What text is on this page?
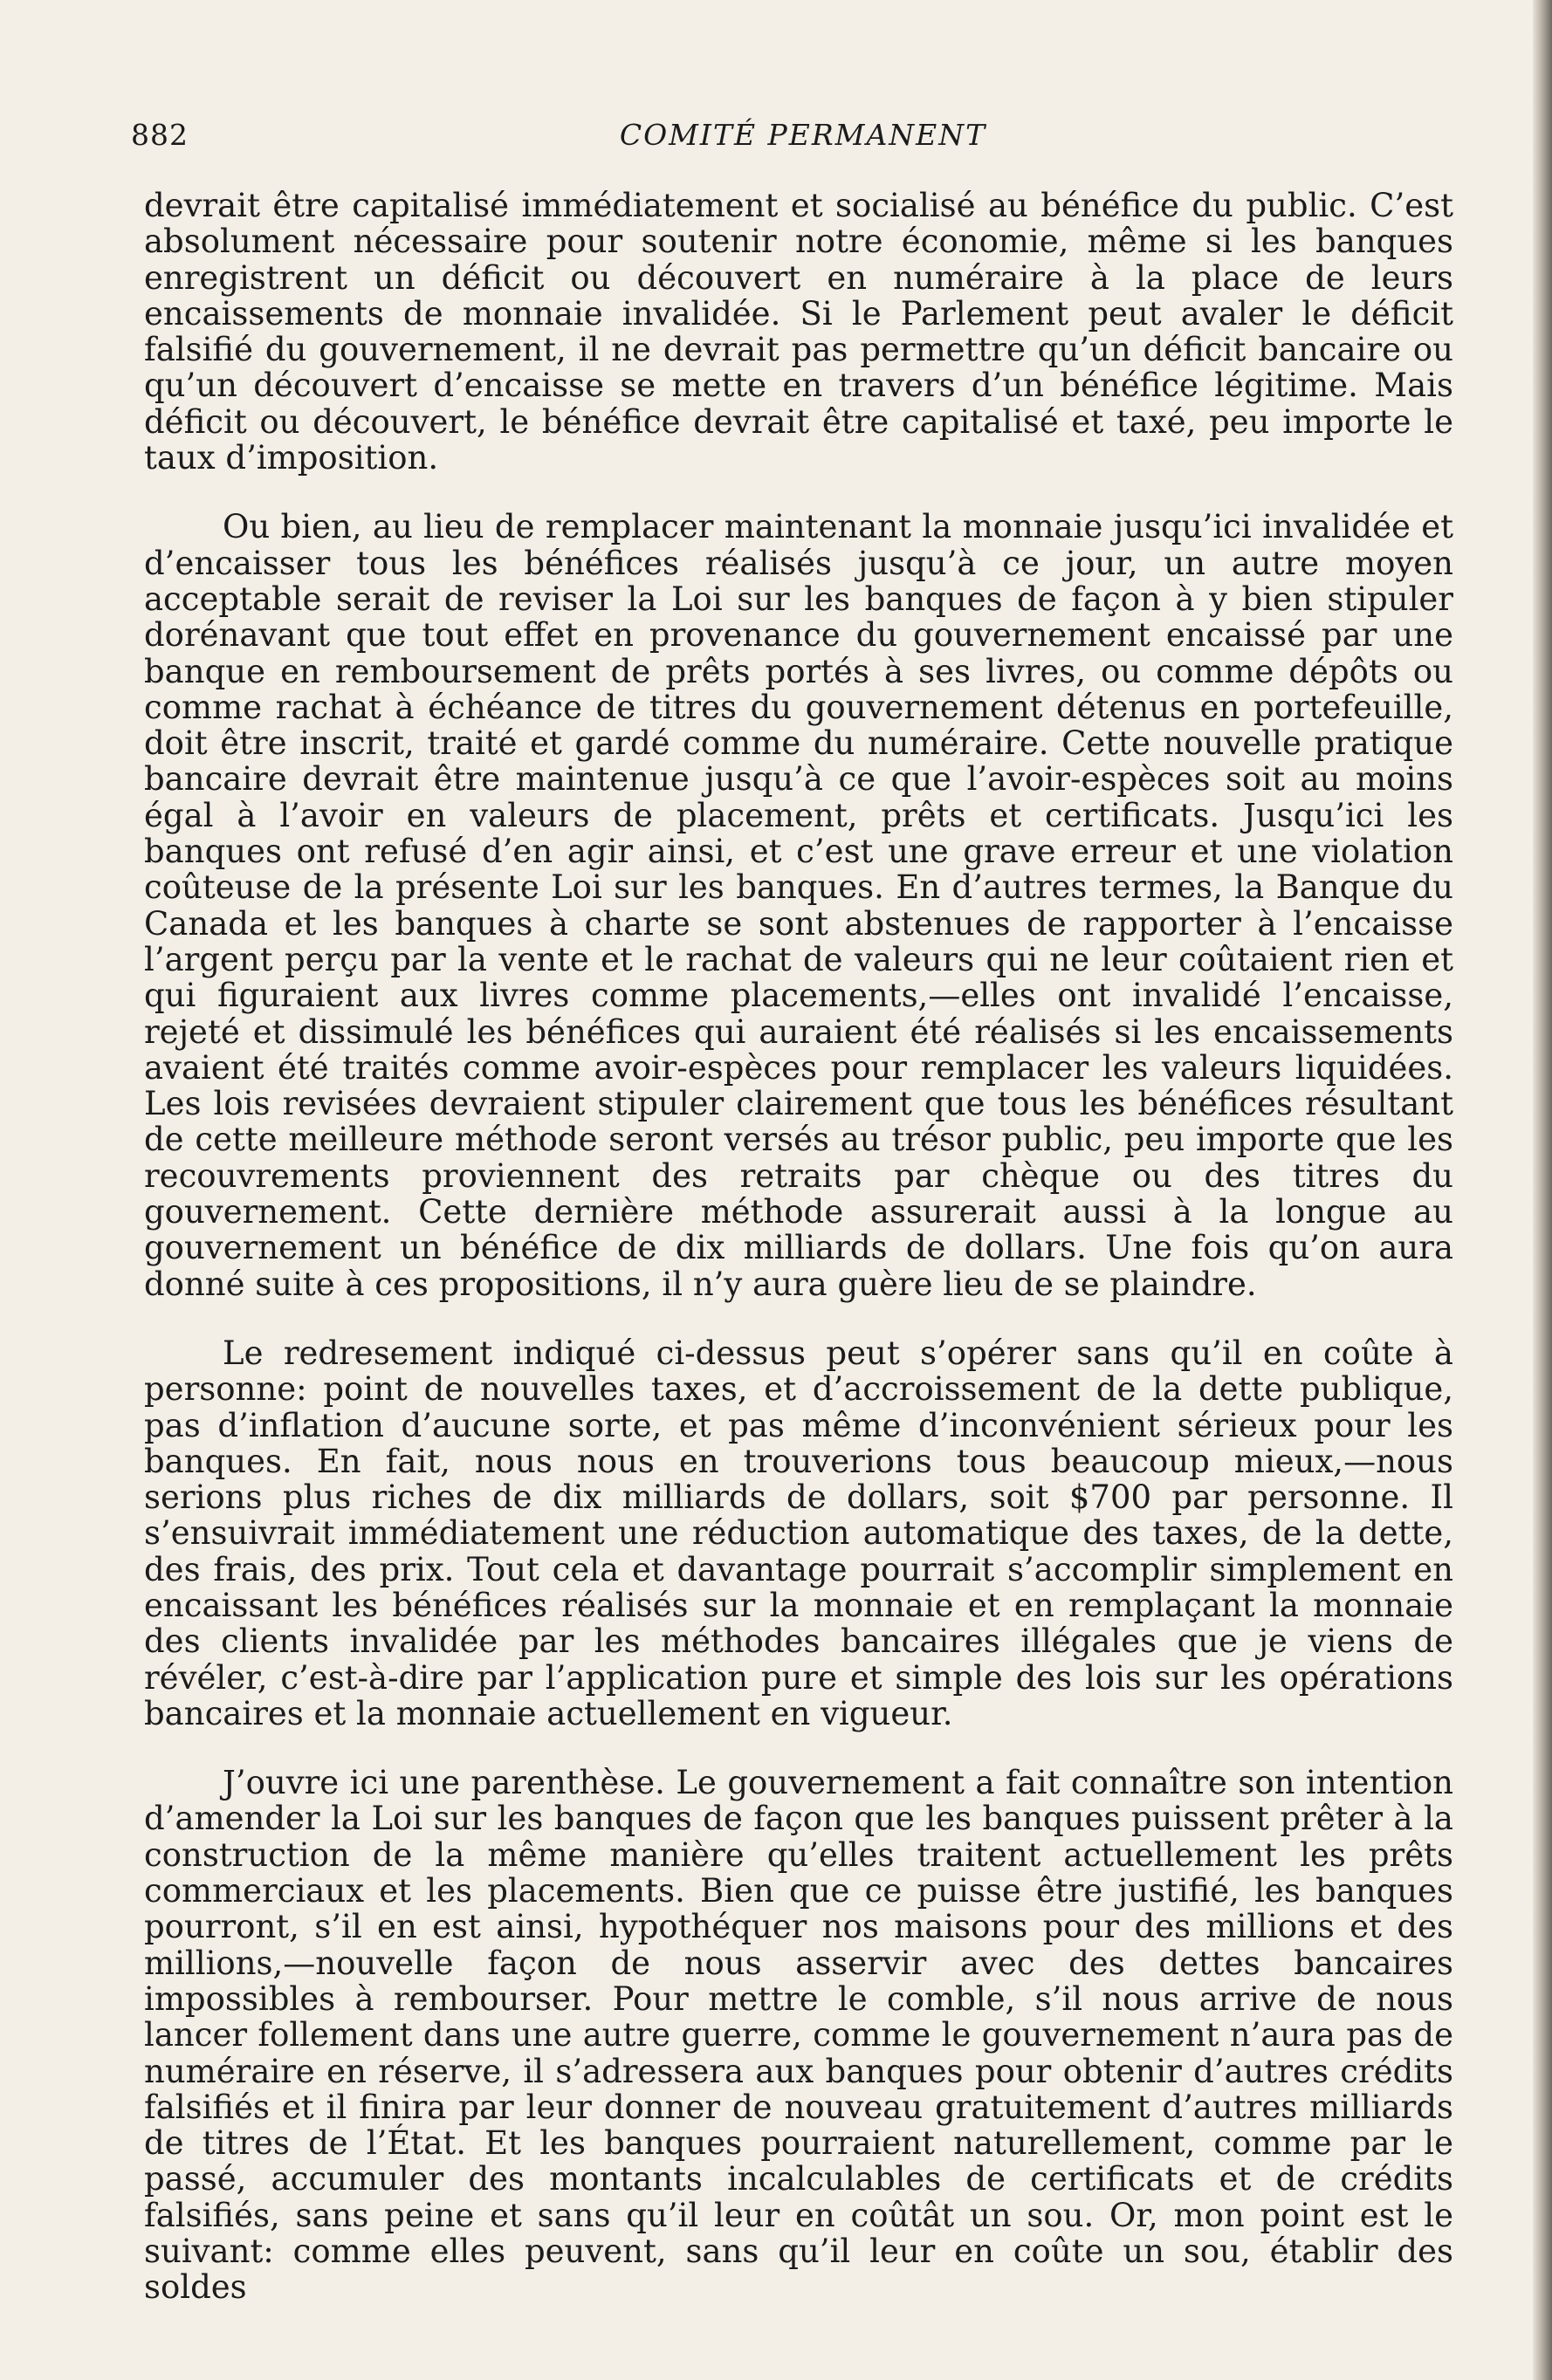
882	COMITÉ PERMANENT

devrait être capitalisé immédiatement et socialisé au bénéfice du public. C’est absolument nécessaire pour soutenir notre économie, même si les banques enregistrent un déficit ou découvert en numéraire à la place de leurs encaissements de monnaie invalidée. Si le Parlement peut avaler le déficit falsifié du gouvernement, il ne devrait pas permettre qu’un déficit bancaire ou qu’un découvert d’encaisse se mette en travers d’un bénéfice légitime. Mais déficit ou découvert, le bénéfice devrait être capitalisé et taxé, peu importe le taux d’imposition.

Ou bien, au lieu de remplacer maintenant la monnaie jusqu’ici invalidée et d’encaisser tous les bénéfices réalisés jusqu’à ce jour, un autre moyen acceptable serait de reviser la Loi sur les banques de façon à y bien stipuler dorénavant que tout effet en provenance du gouvernement encaissé par une banque en remboursement de prêts portés à ses livres, ou comme dépôts ou comme rachat à échéance de titres du gouvernement détenus en portefeuille, doit être inscrit, traité et gardé comme du numéraire. Cette nouvelle pratique bancaire devrait être maintenue jusqu’à ce que l’avoir-espèces soit au moins égal à l’avoir en valeurs de placement, prêts et certificats. Jusqu’ici les banques ont refusé d’en agir ainsi, et c’est une grave erreur et une violation coûteuse de la présente Loi sur les banques. En d’autres termes, la Banque du Canada et les banques à charte se sont abstenues de rapporter à l’encaisse l’argent perçu par la vente et le rachat de valeurs qui ne leur coûtaient rien et qui figuraient aux livres comme placements,—elles ont invalidé l’encaisse, rejeté et dissimulé les bénéfices qui auraient été réalisés si les encaissements avaient été traités comme avoir-espèces pour remplacer les valeurs liquidées. Les lois revisées devraient stipuler clairement que tous les bénéfices résultant de cette meilleure méthode seront versés au trésor public, peu importe que les recouvrements proviennent des retraits par chèque ou des titres du gouvernement. Cette dernière méthode assurerait aussi à la longue au gouvernement un bénéfice de dix milliards de dollars. Une fois qu’on aura donné suite à ces propositions, il n’y aura guère lieu de se plaindre.

Le redresement indiqué ci-dessus peut s’opérer sans qu’il en coûte à personne: point de nouvelles taxes, et d’accroissement de la dette publique, pas d’inflation d’aucune sorte, et pas même d’inconvénient sérieux pour les banques. En fait, nous nous en trouverions tous beaucoup mieux,—nous serions plus riches de dix milliards de dollars, soit $700 par personne. Il s’ensuivrait immédiatement une réduction automatique des taxes, de la dette, des frais, des prix. Tout cela et davantage pourrait s’accomplir simplement en encaissant les bénéfices réalisés sur la monnaie et en remplaçant la monnaie des clients invalidée par les méthodes bancaires illégales que je viens de révéler, c’est-à-dire par l’application pure et simple des lois sur les opérations bancaires et la monnaie actuellement en vigueur.

J’ouvre ici une parenthèse. Le gouvernement a fait connaître son intention d’amender la Loi sur les banques de façon que les banques puissent prêter à la construction de la même manière qu’elles traitent actuellement les prêts commerciaux et les placements. Bien que ce puisse être justifié, les banques pourront, s’il en est ainsi, hypothéquer nos maisons pour des millions et des millions,—nouvelle façon de nous asservir avec des dettes bancaires impossibles à rembourser. Pour mettre le comble, s’il nous arrive de nous lancer follement dans une autre guerre, comme le gouvernement n’aura pas de numéraire en réserve, il s’adressera aux banques pour obtenir d’autres crédits falsifiés et il finira par leur donner de nouveau gratuitement d’autres milliards de titres de l’État. Et les banques pourraient naturellement, comme par le passé, accumuler des montants incalculables de certificats et de crédits falsifiés, sans peine et sans qu’il leur en coûtât un sou. Or, mon point est le suivant: comme elles peuvent, sans qu’il leur en coûte un sou, établir des soldes
